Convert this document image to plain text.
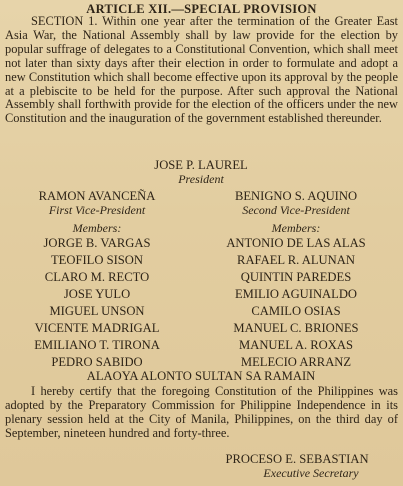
ARTICLE XII.—SPECIAL PROVISION
SECTION 1. Within one year after the termination of the Greater East Asia War, the National Assembly shall by law provide for the election by popular suffrage of delegates to a Constitutional Convention, which shall meet not later than sixty days after their election in order to formulate and adopt a new Constitution which shall become effective upon its approval by the people at a plebiscite to be held for the purpose. After such approval the National Assembly shall forthwith provide for the election of the officers under the new Constitution and the inauguration of the government established thereunder.
JOSE P. LAUREL
President
RAMON AVANCEÑA
First Vice-President
BENIGNO S. AQUINO
Second Vice-President
Members:	Members:
JORGE B. VARGAS
TEOFILO SISON
CLARO M. RECTO
JOSE YULO
MIGUEL UNSON
VICENTE MADRIGAL
EMILIANO T. TIRONA
PEDRO SABIDO
ANTONIO DE LAS ALAS
RAFAEL R. ALUNAN
QUINTIN PAREDES
EMILIO AGUINALDO
CAMILO OSIAS
MANUEL C. BRIONES
MANUEL A. ROXAS
MELECIO ARRANZ
ALAOYA ALONTO SULTAN SA RAMAIN
I hereby certify that the foregoing Constitution of the Philippines was adopted by the Preparatory Commission for Philippine Independence in its plenary session held at the City of Manila, Philippines, on the third day of September, nineteen hundred and forty-three.
PROCESO E. SEBASTIAN
Executive Secretary
